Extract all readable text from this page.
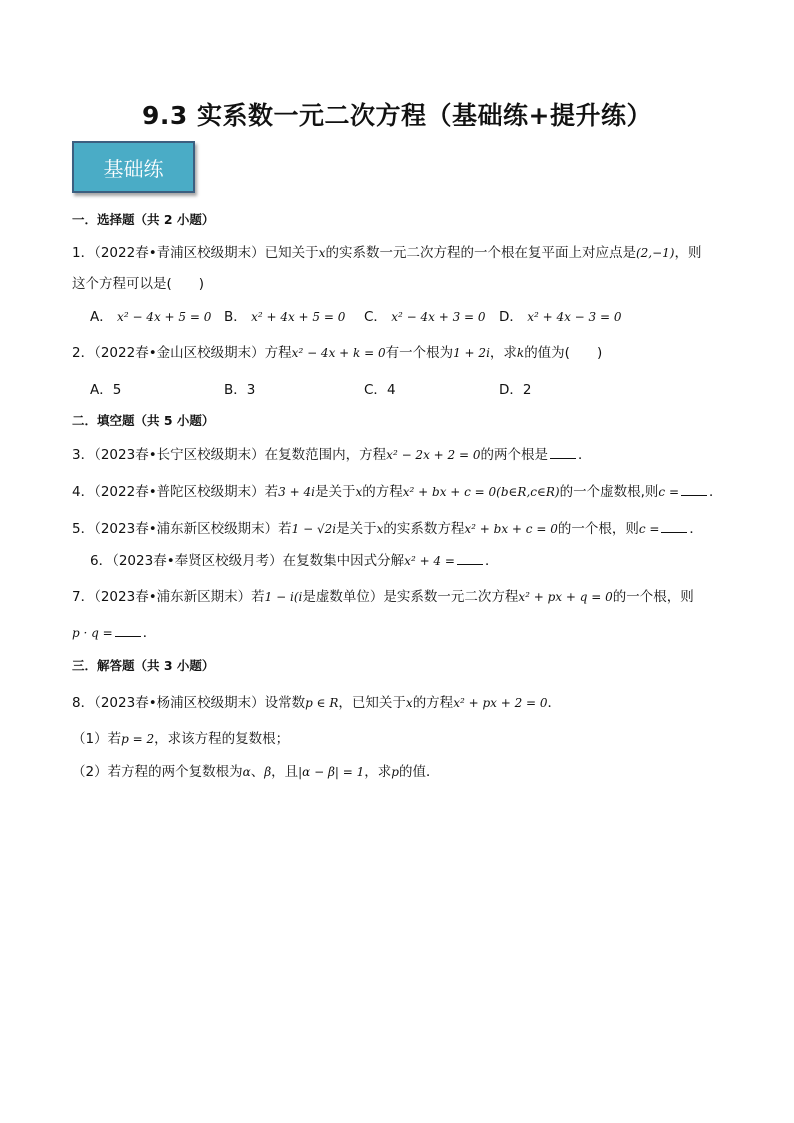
9.3 实系数一元二次方程（基础练+提升练）
基础练
一．选择题（共 2 小题）
1．（2022春•青浦区校级期末）已知关于x的实系数一元二次方程的一个根在复平面上对应点是(2,−1)，则
这个方程可以是(　　)
A． x² − 4x + 5 = 0 B． x² + 4x + 5 = 0 C． x² − 4x + 3 = 0 D． x² + 4x − 3 = 0
2．（2022春•金山区校级期末）方程x² − 4x + k = 0有一个根为1 + 2i，求k的值为(　　)
A．5	B．3	C．4	D．2
二．填空题（共 5 小题）
3．（2023春•长宁区校级期末）在复数范围内，方程x² − 2x + 2 = 0的两个根是 ．
4．（2022春•普陀区校级期末）若3 + 4i是关于x的方程x² + bx + c = 0(b∈R,c∈R)的一个虚数根,则c = ．
5．（2023春•浦东新区校级期末）若1 − √2i是关于x的实系数方程x² + bx + c = 0的一个根，则c = ．
6．（2023春•奉贤区校级月考）在复数集中因式分解x² + 4 = ．
7．（2023春•浦东新区期末）若1 − i(i是虚数单位）是实系数一元二次方程x² + px + q = 0的一个根，则
p · q = ．
三．解答题（共 3 小题）
8．（2023春•杨浦区校级期末）设常数p ∈ R，已知关于x的方程x² + px + 2 = 0．
（1）若p = 2，求该方程的复数根；
（2）若方程的两个复数根为α、β，且|α − β| = 1，求p的值．
